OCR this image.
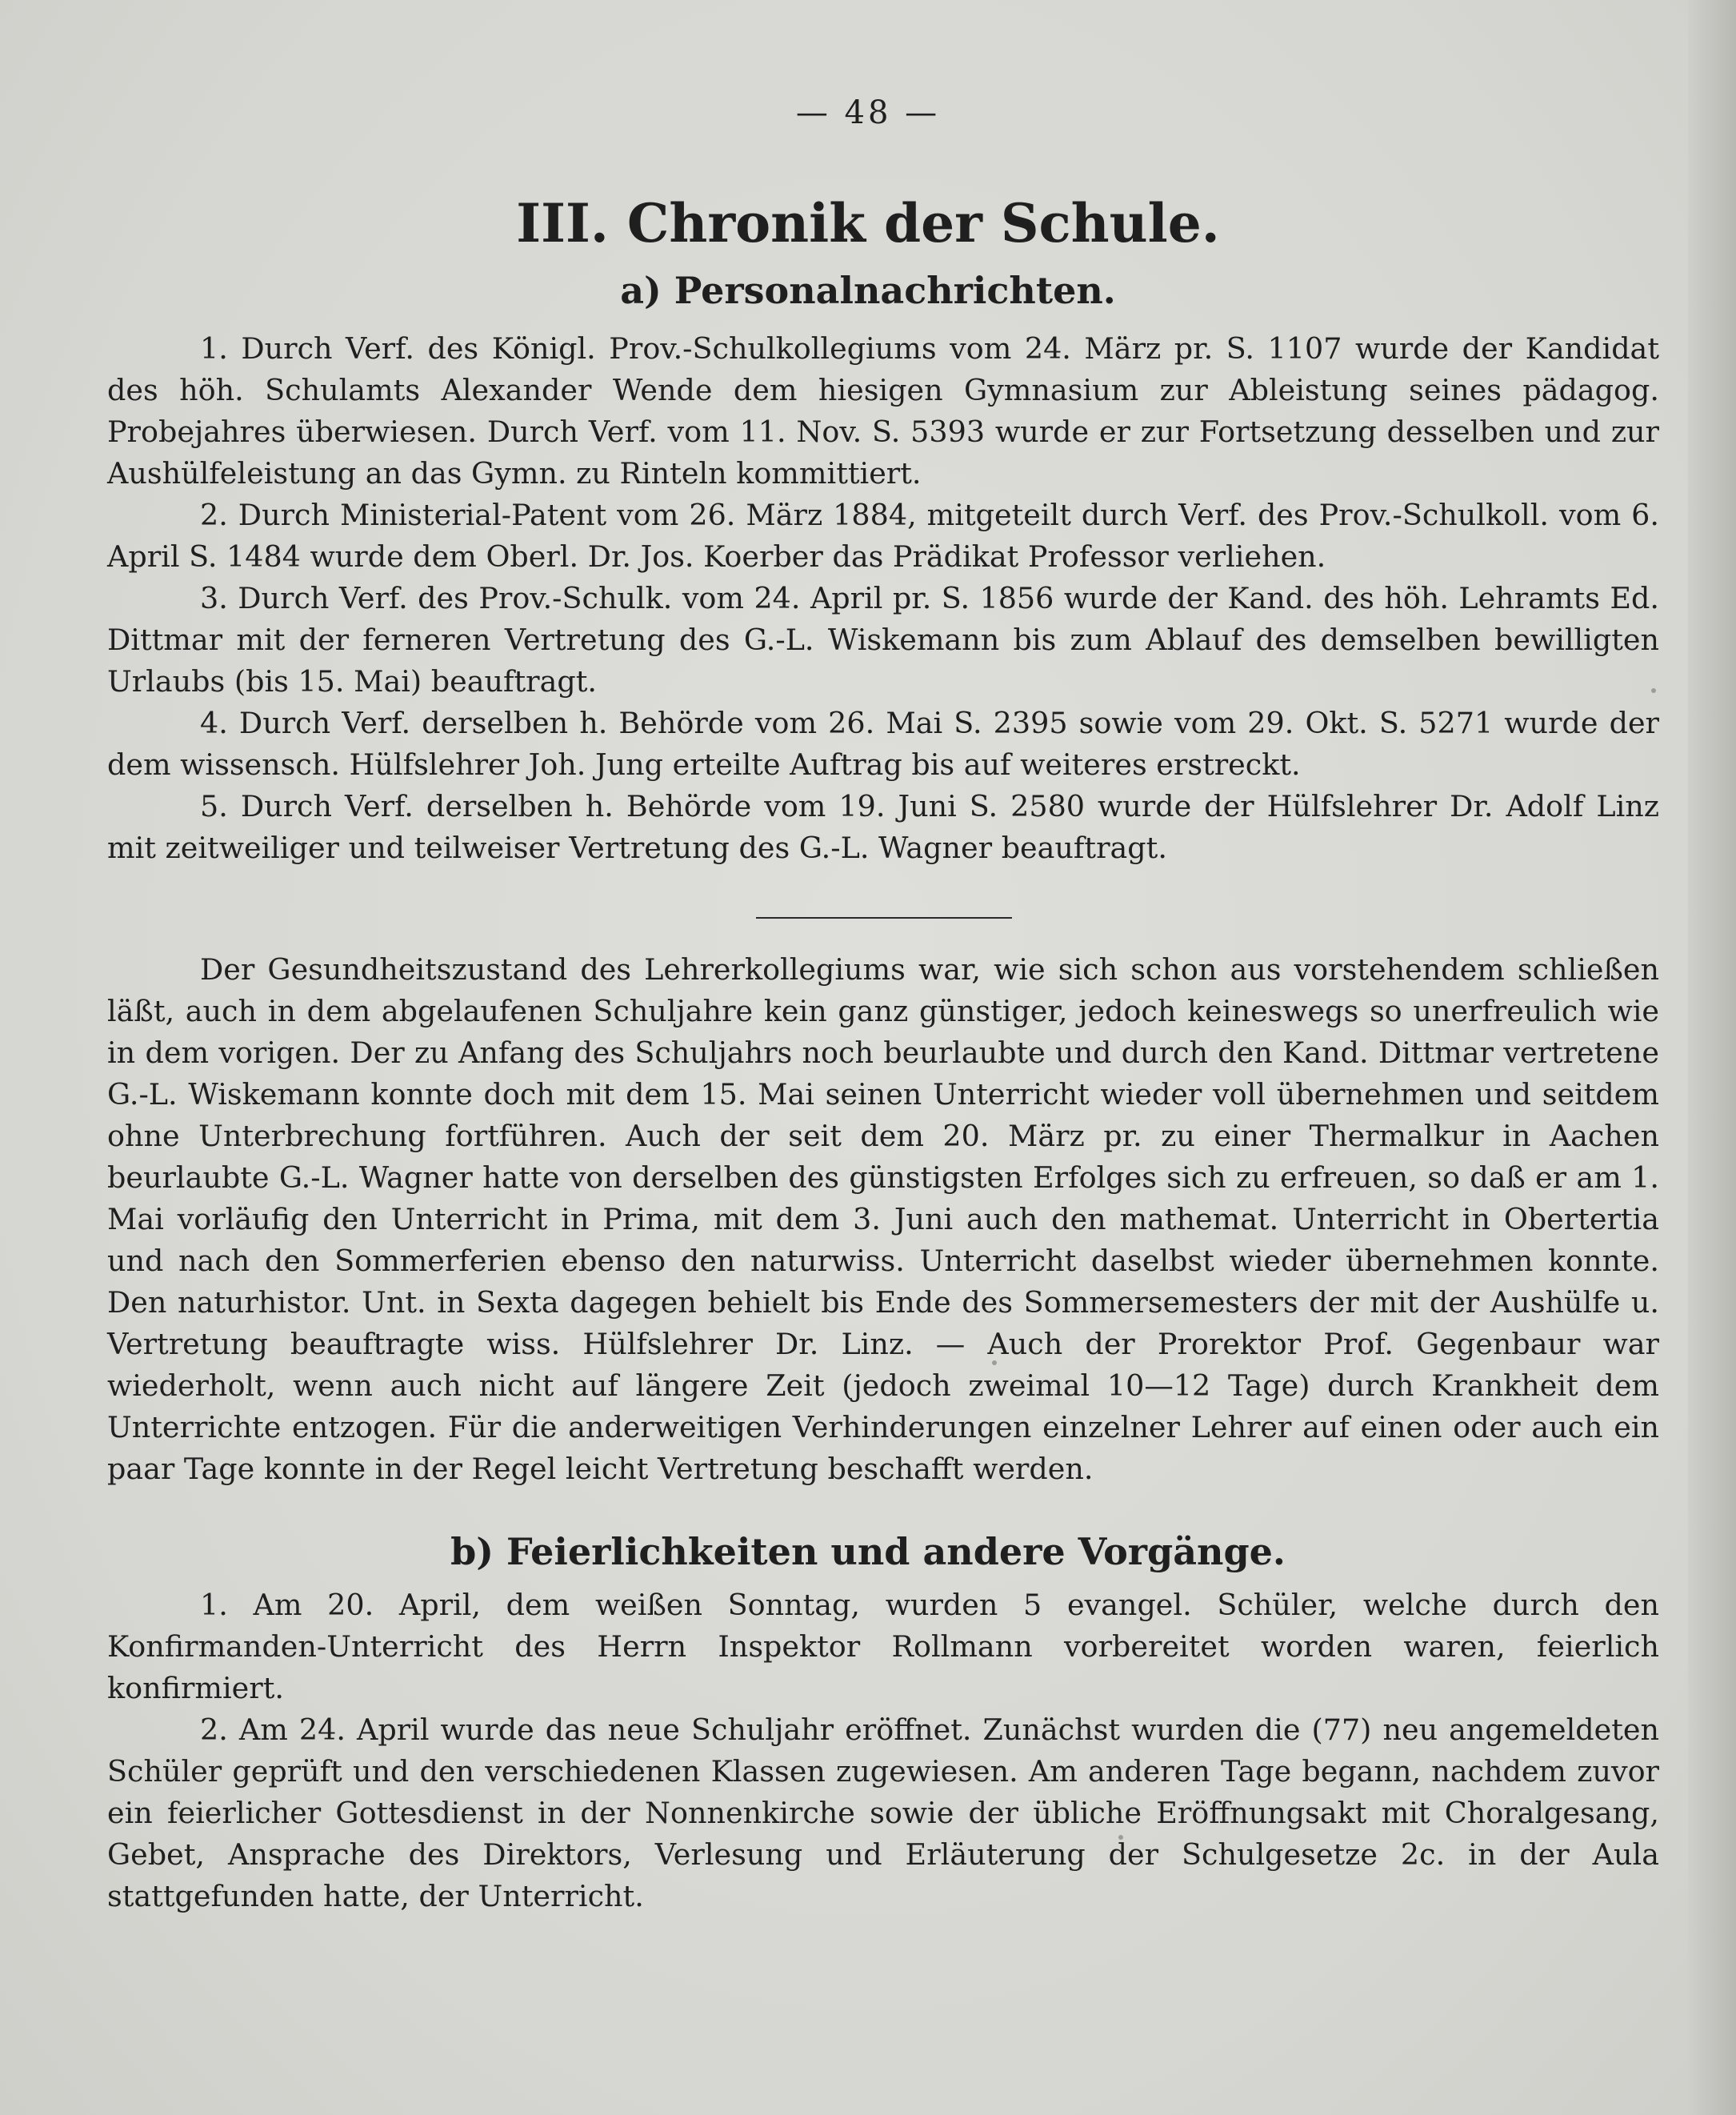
— 48 —
III. Chronik der Schule.
a) Personalnachrichten.

1. Durch Verf. des Königl. Prov.-Schulkollegiums vom 24. März pr. S. 1107 wurde der Kandidat des höh. Schulamts Alexander Wende dem hiesigen Gymnasium zur Ableistung seines pädagog. Probejahres überwiesen. Durch Verf. vom 11. Nov. S. 5393 wurde er zur Fortsetzung desselben und zur Aushülfeleistung an das Gymn. zu Rinteln kommittiert.

2. Durch Ministerial-Patent vom 26. März 1884, mitgeteilt durch Verf. des Prov.-Schulkoll. vom 6. April S. 1484 wurde dem Oberl. Dr. Jos. Koerber das Prädikat Professor verliehen.

3. Durch Verf. des Prov.-Schulk. vom 24. April pr. S. 1856 wurde der Kand. des höh. Lehramts Ed. Dittmar mit der ferneren Vertretung des G.-L. Wiskemann bis zum Ablauf des demselben bewilligten Urlaubs (bis 15. Mai) beauftragt.

4. Durch Verf. derselben h. Behörde vom 26. Mai S. 2395 sowie vom 29. Okt. S. 5271 wurde der dem wissensch. Hülfslehrer Joh. Jung erteilte Auftrag bis auf weiteres erstreckt.

5. Durch Verf. derselben h. Behörde vom 19. Juni S. 2580 wurde der Hülfslehrer Dr. Adolf Linz mit zeitweiliger und teilweiser Vertretung des G.-L. Wagner beauftragt.

Der Gesundheitszustand des Lehrerkollegiums war, wie sich schon aus vorstehendem schließen läßt, auch in dem abgelaufenen Schuljahre kein ganz günstiger, jedoch keineswegs so unerfreulich wie in dem vorigen. Der zu Anfang des Schuljahrs noch beurlaubte und durch den Kand. Dittmar vertretene G.-L. Wiskemann konnte doch mit dem 15. Mai seinen Unterricht wieder voll übernehmen und seitdem ohne Unterbrechung fortführen. Auch der seit dem 20. März pr. zu einer Thermalkur in Aachen beurlaubte G.-L. Wagner hatte von derselben des günstigsten Erfolges sich zu erfreuen, so daß er am 1. Mai vorläufig den Unterricht in Prima, mit dem 3. Juni auch den mathemat. Unterricht in Obertertia und nach den Sommerferien ebenso den naturwiss. Unterricht daselbst wieder übernehmen konnte. Den naturhistor. Unt. in Sexta dagegen behielt bis Ende des Sommersemesters der mit der Aushülfe u. Vertretung beauftragte wiss. Hülfslehrer Dr. Linz. — Auch der Prorektor Prof. Gegenbaur war wiederholt, wenn auch nicht auf längere Zeit (jedoch zweimal 10—12 Tage) durch Krankheit dem Unterrichte entzogen. Für die anderweitigen Verhinderungen einzelner Lehrer auf einen oder auch ein paar Tage konnte in der Regel leicht Vertretung beschafft werden.

b) Feierlichkeiten und andere Vorgänge.

1. Am 20. April, dem weißen Sonntag, wurden 5 evangel. Schüler, welche durch den Konfirmanden-Unterricht des Herrn Inspektor Rollmann vorbereitet worden waren, feierlich konfirmiert.

2. Am 24. April wurde das neue Schuljahr eröffnet. Zunächst wurden die (77) neu angemeldeten Schüler geprüft und den verschiedenen Klassen zugewiesen. Am anderen Tage begann, nachdem zuvor ein feierlicher Gottesdienst in der Nonnenkirche sowie der übliche Eröffnungsakt mit Choralgesang, Gebet, Ansprache des Direktors, Verlesung und Erläuterung der Schulgesetze 2c. in der Aula stattgefunden hatte, der Unterricht.
